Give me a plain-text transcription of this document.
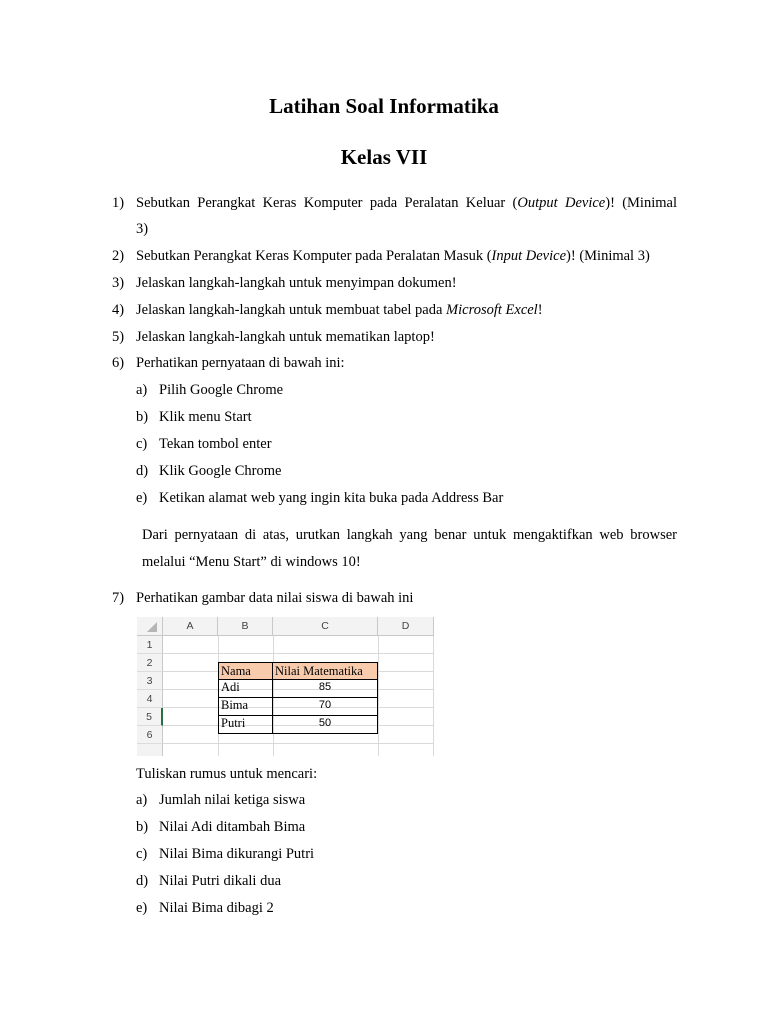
Latihan Soal Informatika
Kelas VII
1) Sebutkan Perangkat Keras Komputer pada Peralatan Keluar (Output Device)! (Minimal
3)
2) Sebutkan Perangkat Keras Komputer pada Peralatan Masuk (Input Device)! (Minimal 3)
3) Jelaskan langkah-langkah untuk menyimpan dokumen!
4) Jelaskan langkah-langkah untuk membuat tabel pada Microsoft Excel!
5) Jelaskan langkah-langkah untuk mematikan laptop!
6) Perhatikan pernyataan di bawah ini:
a) Pilih Google Chrome
b) Klik menu Start
c) Tekan tombol enter
d) Klik Google Chrome
e) Ketikan alamat web yang ingin kita buka pada Address Bar
Dari pernyataan di atas, urutkan langkah yang benar untuk mengaktifkan web browser
melalui “Menu Start” di windows 10!
7) Perhatikan gambar data nilai siswa di bawah ini
A	B	C	D
1
2
3
4
5
6
Nama	Nilai Matematika
Adi	85
Bima	70
Putri	50
Tuliskan rumus untuk mencari:
a) Jumlah nilai ketiga siswa
b) Nilai Adi ditambah Bima
c) Nilai Bima dikurangi Putri
d) Nilai Putri dikali dua
e) Nilai Bima dibagi 2
